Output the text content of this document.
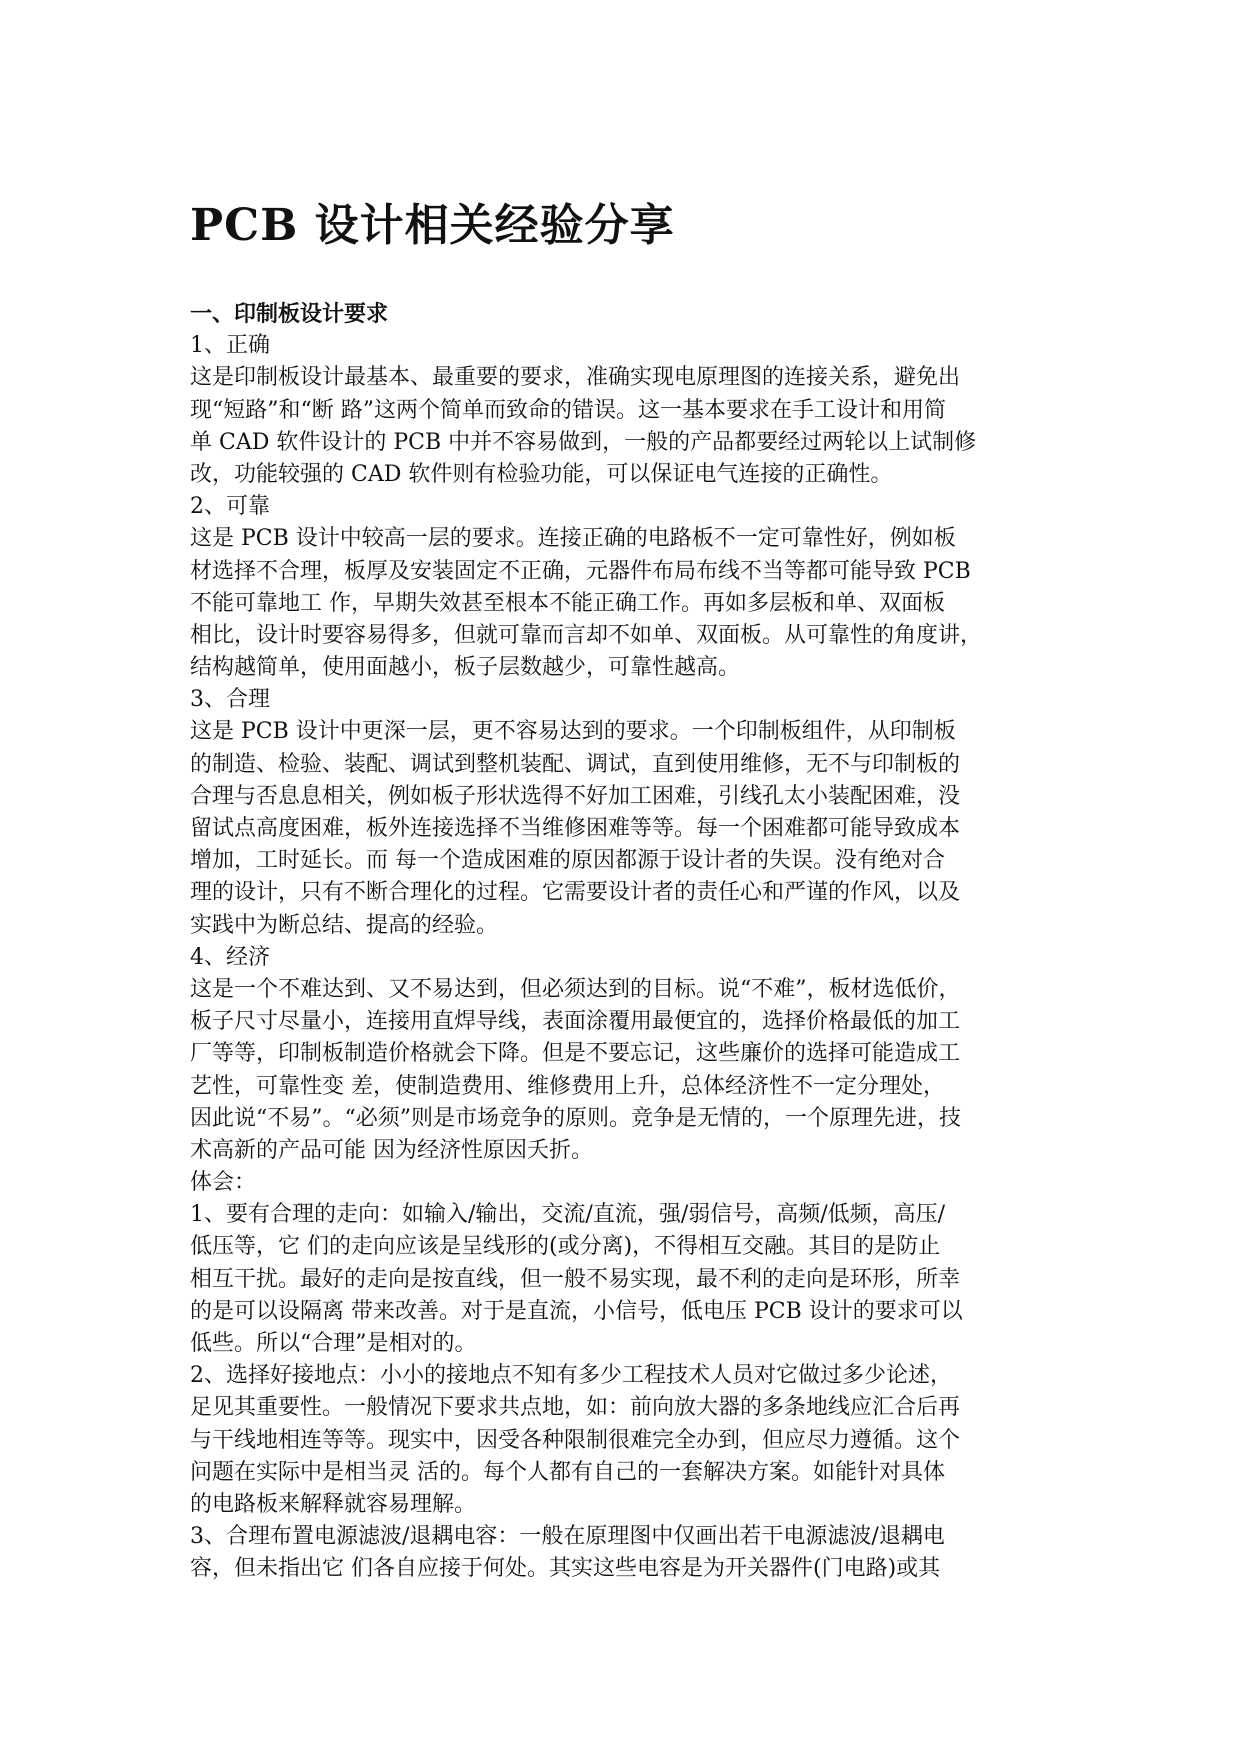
PCB 设计相关经验分享
一、印制板设计要求
1、正确
这是印制板设计最基本、最重要的要求，准确实现电原理图的连接关系，避免出
现“短路”和“断 路”这两个简单而致命的错误。这一基本要求在手工设计和用简
单 CAD 软件设计的 PCB 中并不容易做到，一般的产品都要经过两轮以上试制修
改，功能较强的 CAD 软件则有检验功能，可以保证电气连接的正确性。
2、可靠
这是 PCB 设计中较高一层的要求。连接正确的电路板不一定可靠性好，例如板
材选择不合理，板厚及安装固定不正确，元器件布局布线不当等都可能导致 PCB
不能可靠地工 作，早期失效甚至根本不能正确工作。再如多层板和单、双面板
相比，设计时要容易得多，但就可靠而言却不如单、双面板。从可靠性的角度讲，
结构越简单，使用面越小，板子层数越少，可靠性越高。
3、合理
这是 PCB 设计中更深一层，更不容易达到的要求。一个印制板组件，从印制板
的制造、检验、装配、调试到整机装配、调试，直到使用维修，无不与印制板的
合理与否息息相关，例如板子形状选得不好加工困难，引线孔太小装配困难，没
留试点高度困难，板外连接选择不当维修困难等等。每一个困难都可能导致成本
增加，工时延长。而 每一个造成困难的原因都源于设计者的失误。没有绝对合
理的设计，只有不断合理化的过程。它需要设计者的责任心和严谨的作风，以及
实践中为断总结、提高的经验。
4、经济
这是一个不难达到、又不易达到，但必须达到的目标。说“不难”，板材选低价，
板子尺寸尽量小，连接用直焊导线，表面涂覆用最便宜的，选择价格最低的加工
厂等等，印制板制造价格就会下降。但是不要忘记，这些廉价的选择可能造成工
艺性，可靠性变 差，使制造费用、维修费用上升，总体经济性不一定分理处，
因此说“不易”。“必须”则是市场竞争的原则。竞争是无情的，一个原理先进，技
术高新的产品可能 因为经济性原因夭折。
体会：
1、要有合理的走向：如输入/输出，交流/直流，强/弱信号，高频/低频，高压/
低压等，它 们的走向应该是呈线形的(或分离)，不得相互交融。其目的是防止
相互干扰。最好的走向是按直线，但一般不易实现，最不利的走向是环形，所幸
的是可以设隔离 带来改善。对于是直流，小信号，低电压 PCB 设计的要求可以
低些。所以“合理”是相对的。
2、选择好接地点：小小的接地点不知有多少工程技术人员对它做过多少论述，
足见其重要性。一般情况下要求共点地，如：前向放大器的多条地线应汇合后再
与干线地相连等等。现实中，因受各种限制很难完全办到，但应尽力遵循。这个
问题在实际中是相当灵 活的。每个人都有自己的一套解决方案。如能针对具体
的电路板来解释就容易理解。
3、合理布置电源滤波/退耦电容：一般在原理图中仅画出若干电源滤波/退耦电
容，但未指出它 们各自应接于何处。其实这些电容是为开关器件(门电路)或其
